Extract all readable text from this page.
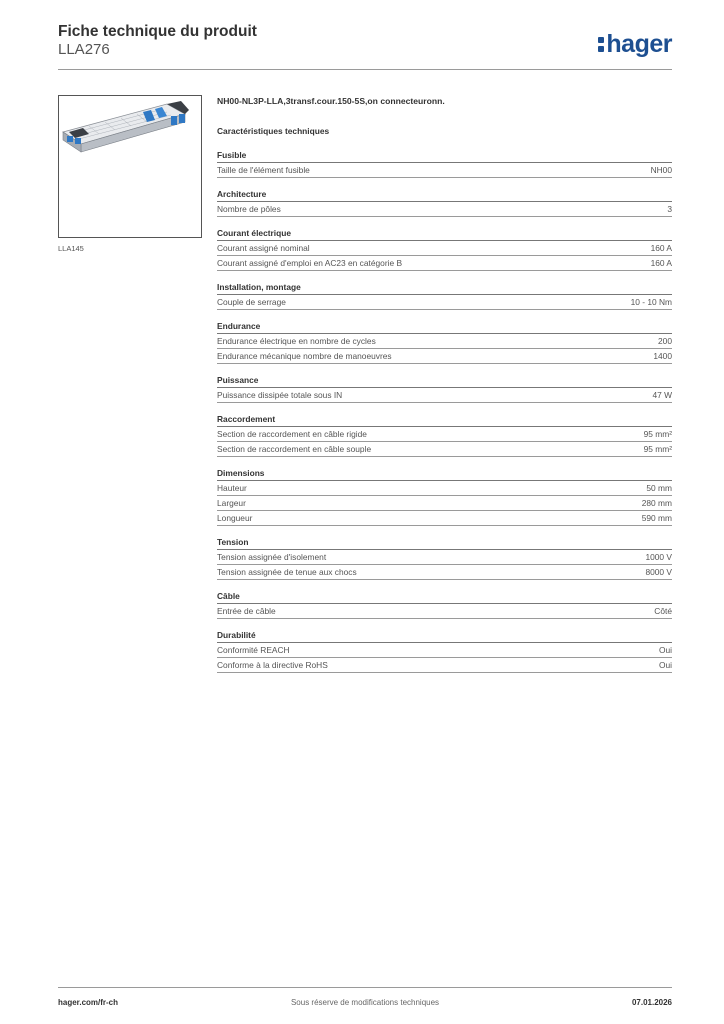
Fiche technique du produit
LLA276	hager
LLA145

NH00-NL3P-LLA,3transf.cour.150-5S,on connecteuronn.

Caractéristiques techniques
Fusible
Taille de l'élément fusible	NH00
Architecture
Nombre de pôles	3
Courant électrique
Courant assigné nominal	160 A
Courant assigné d'emploi en AC23 en catégorie B	160 A
Installation, montage
Couple de serrage	10 - 10 Nm
Endurance
Endurance électrique en nombre de cycles	200
Endurance mécanique nombre de manoeuvres	1400
Puissance
Puissance dissipée totale sous IN	47 W
Raccordement
Section de raccordement en câble rigide	95 mm²
Section de raccordement en câble souple	95 mm²
Dimensions
Hauteur	50 mm
Largeur	280 mm
Longueur	590 mm
Tension
Tension assignée d'isolement	1000 V
Tension assignée de tenue aux chocs	8000 V
Câble
Entrée de câble	Côté
Durabilité
Conformité REACH	Oui
Conforme à la directive RoHS	Oui
hager.com/fr-ch	Sous réserve de modifications techniques	07.01.2026
